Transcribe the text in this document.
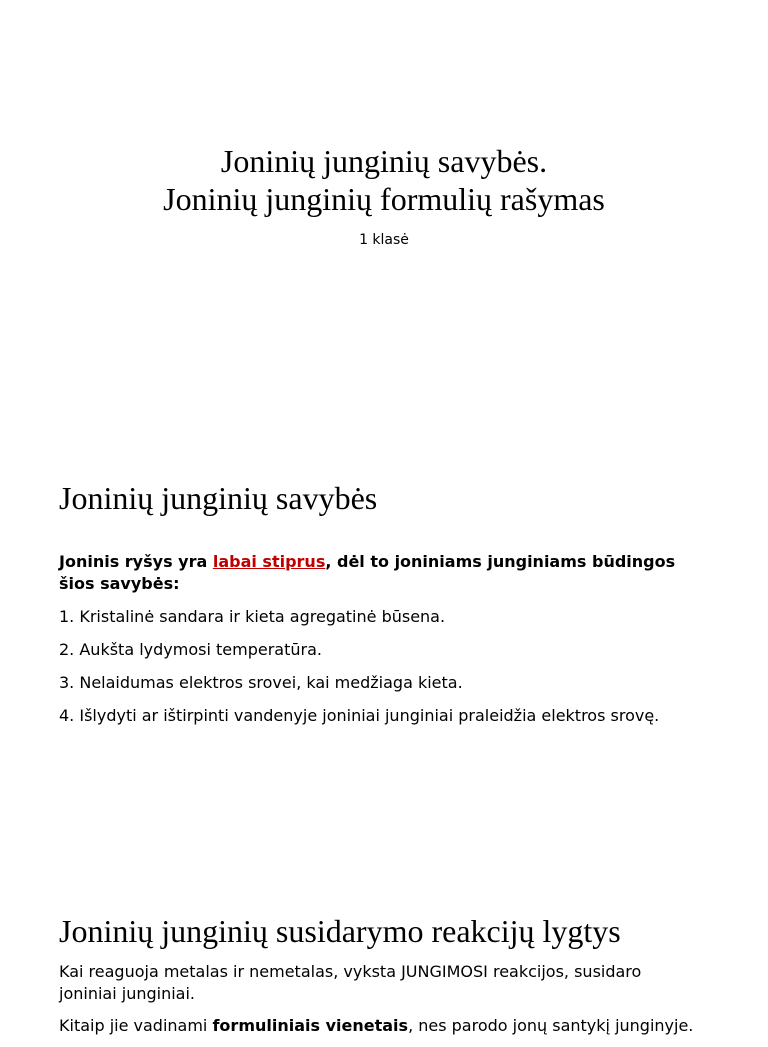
Joninių junginių savybės.
Joninių junginių formulių rašymas
1 klasė
Joninių junginių savybės

Joninis ryšys yra labai stiprus, dėl to joniniams junginiams būdingos šios savybės:

1. Kristalinė sandara ir kieta agregatinė būsena.
2. Aukšta lydymosi temperatūra.
3. Nelaidumas elektros srovei, kai medžiaga kieta.
4. Išlydyti ar ištirpinti vandenyje joniniai junginiai praleidžia elektros srovę.
Joninių junginių susidarymo reakcijų lygtys

Kai reaguoja metalas ir nemetalas, vyksta JUNGIMOSI reakcijos, susidaro joniniai junginiai.

Kitaip jie vadinami formuliniais vienetais, nes parodo jonų santykį junginyje.
